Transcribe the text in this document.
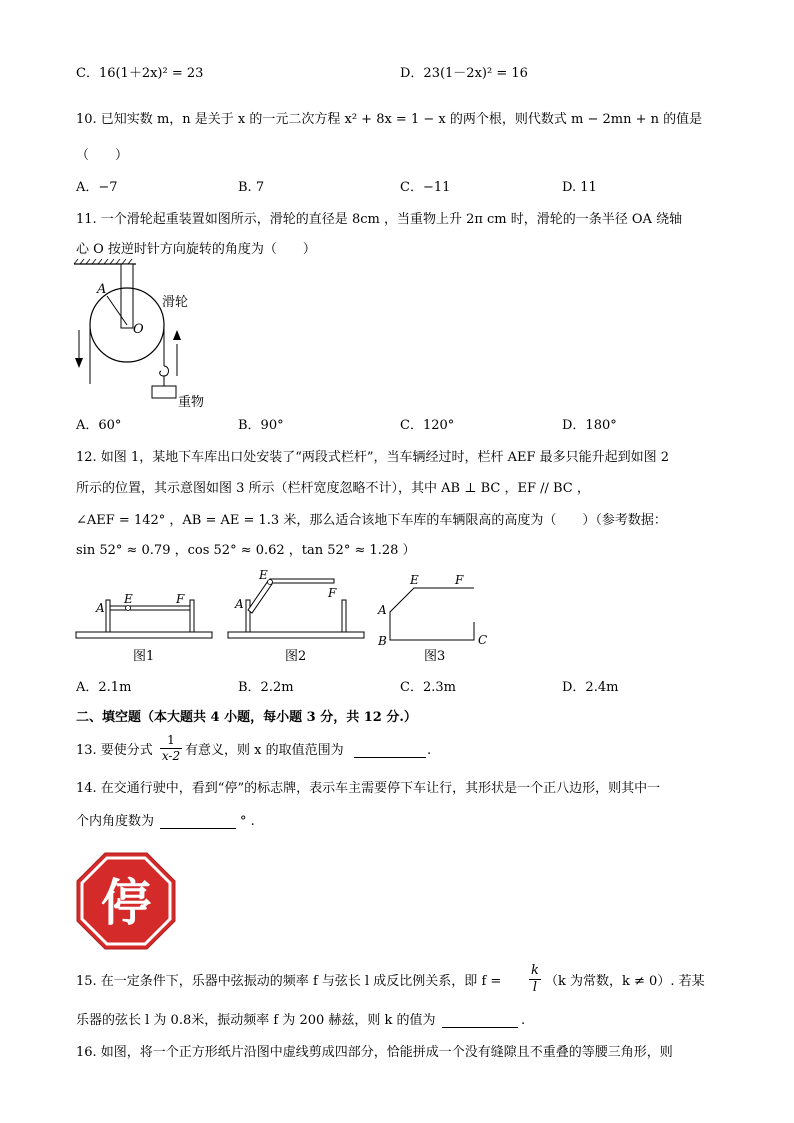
C．16(1＋2x)² = 23	D．23(1－2x)² = 16
10. 已知实数 m，n 是关于 x 的一元二次方程 x² + 8x = 1 − x 的两个根，则代数式 m − 2mn + n 的值是
（　　）
A．−7	B. 7	C．−11	D. 11
11. 一个滑轮起重装置如图所示，滑轮的直径是 8cm ，当重物上升 2π cm 时，滑轮的一条半径 OA 绕轴
心 O 按逆时针方向旋转的角度为（　　）
A
O
滑轮
重物
A．60°	B．90°	C．120°	D．180°
12. 如图 1，某地下车库出口处安装了“两段式栏杆”，当车辆经过时，栏杆 AEF 最多只能升起到如图 2
所示的位置，其示意图如图 3 所示（栏杆宽度忽略不计），其中 AB ⊥ BC ，EF // BC ，
∠AEF = 142° ，AB = AE = 1.3 米，那么适合该地下车库的车辆限高的高度为（　　）（参考数据：
sin 52° ≈ 0.79 ，cos 52° ≈ 0.62 ，tan 52° ≈ 1.28 ）
A
E	F
图1
A
E
F
图2
E	F
A
B	C
图3
A．2.1m	B．2.2m	C．2.3m	D．2.4m
二、填空题（本大题共 4 小题，每小题 3 分，共 12 分.）
13. 要使分式
1
x-2 有意义，则 x 的取值范围为	.
14. 在交通行驶中，看到“停”的标志牌，表示车主需要停下车让行，其形状是一个正八边形，则其中一
个内角度数为	° .
停
15. 在一定条件下，乐器中弦振动的频率 f 与弦长 l 成反比例关系，即 f =
k
l （k 为常数，k ≠ 0）. 若某
乐器的弦长 l 为 0.8米，振动频率 f 为 200 赫兹，则 k 的值为	.
16. 如图，将一个正方形纸片沿图中虚线剪成四部分，恰能拼成一个没有缝隙且不重叠的等腰三角形，则
